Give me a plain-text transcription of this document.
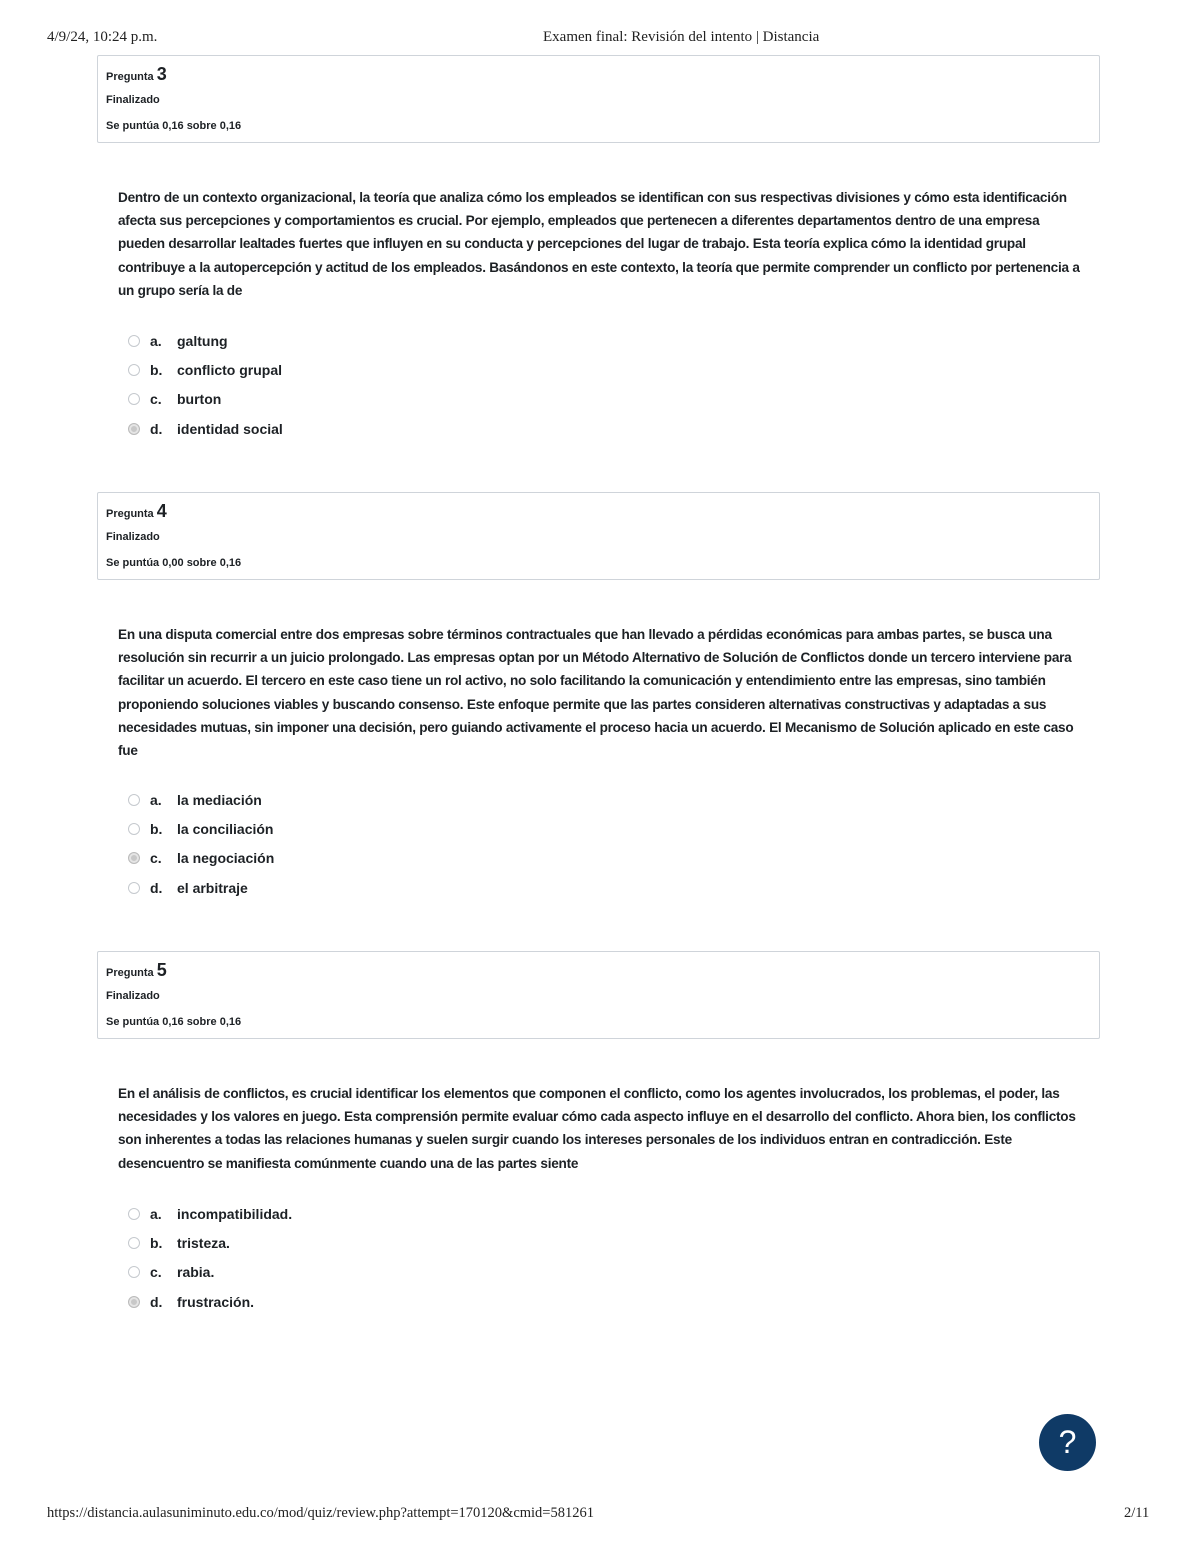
4/9/24, 10:24 p.m.	Examen final: Revisión del intento | Distancia
Pregunta 3
Finalizado
Se puntúa 0,16 sobre 0,16
Dentro de un contexto organizacional, la teoría que analiza cómo los empleados se identifican con sus respectivas divisiones y cómo esta identificación afecta sus percepciones y comportamientos es crucial. Por ejemplo, empleados que pertenecen a diferentes departamentos dentro de una empresa pueden desarrollar lealtades fuertes que influyen en su conducta y percepciones del lugar de trabajo. Esta teoría explica cómo la identidad grupal contribuye a la autopercepción y actitud de los empleados. Basándonos en este contexto, la teoría que permite comprender un conflicto por pertenencia a un grupo sería la de
a.	galtung
b.	conflicto grupal
c.	burton
d.	identidad social
Pregunta 4
Finalizado
Se puntúa 0,00 sobre 0,16
En una disputa comercial entre dos empresas sobre términos contractuales que han llevado a pérdidas económicas para ambas partes, se busca una resolución sin recurrir a un juicio prolongado. Las empresas optan por un Método Alternativo de Solución de Conflictos donde un tercero interviene para facilitar un acuerdo. El tercero en este caso tiene un rol activo, no solo facilitando la comunicación y entendimiento entre las empresas, sino también proponiendo soluciones viables y buscando consenso. Este enfoque permite que las partes consideren alternativas constructivas y adaptadas a sus necesidades mutuas, sin imponer una decisión, pero guiando activamente el proceso hacia un acuerdo. El Mecanismo de Solución aplicado en este caso fue
a.	la mediación
b.	la conciliación
c.	la negociación
d.	el arbitraje
Pregunta 5
Finalizado
Se puntúa 0,16 sobre 0,16
En el análisis de conflictos, es crucial identificar los elementos que componen el conflicto, como los agentes involucrados, los problemas, el poder, las necesidades y los valores en juego. Esta comprensión permite evaluar cómo cada aspecto influye en el desarrollo del conflicto. Ahora bien, los conflictos son inherentes a todas las relaciones humanas y suelen surgir cuando los intereses personales de los individuos entran en contradicción. Este desencuentro se manifiesta comúnmente cuando una de las partes siente
a.	incompatibilidad.
b.	tristeza.
c.	rabia.
d.	frustración.
?
https://distancia.aulasuniminuto.edu.co/mod/quiz/review.php?attempt=170120&cmid=581261	2/11
